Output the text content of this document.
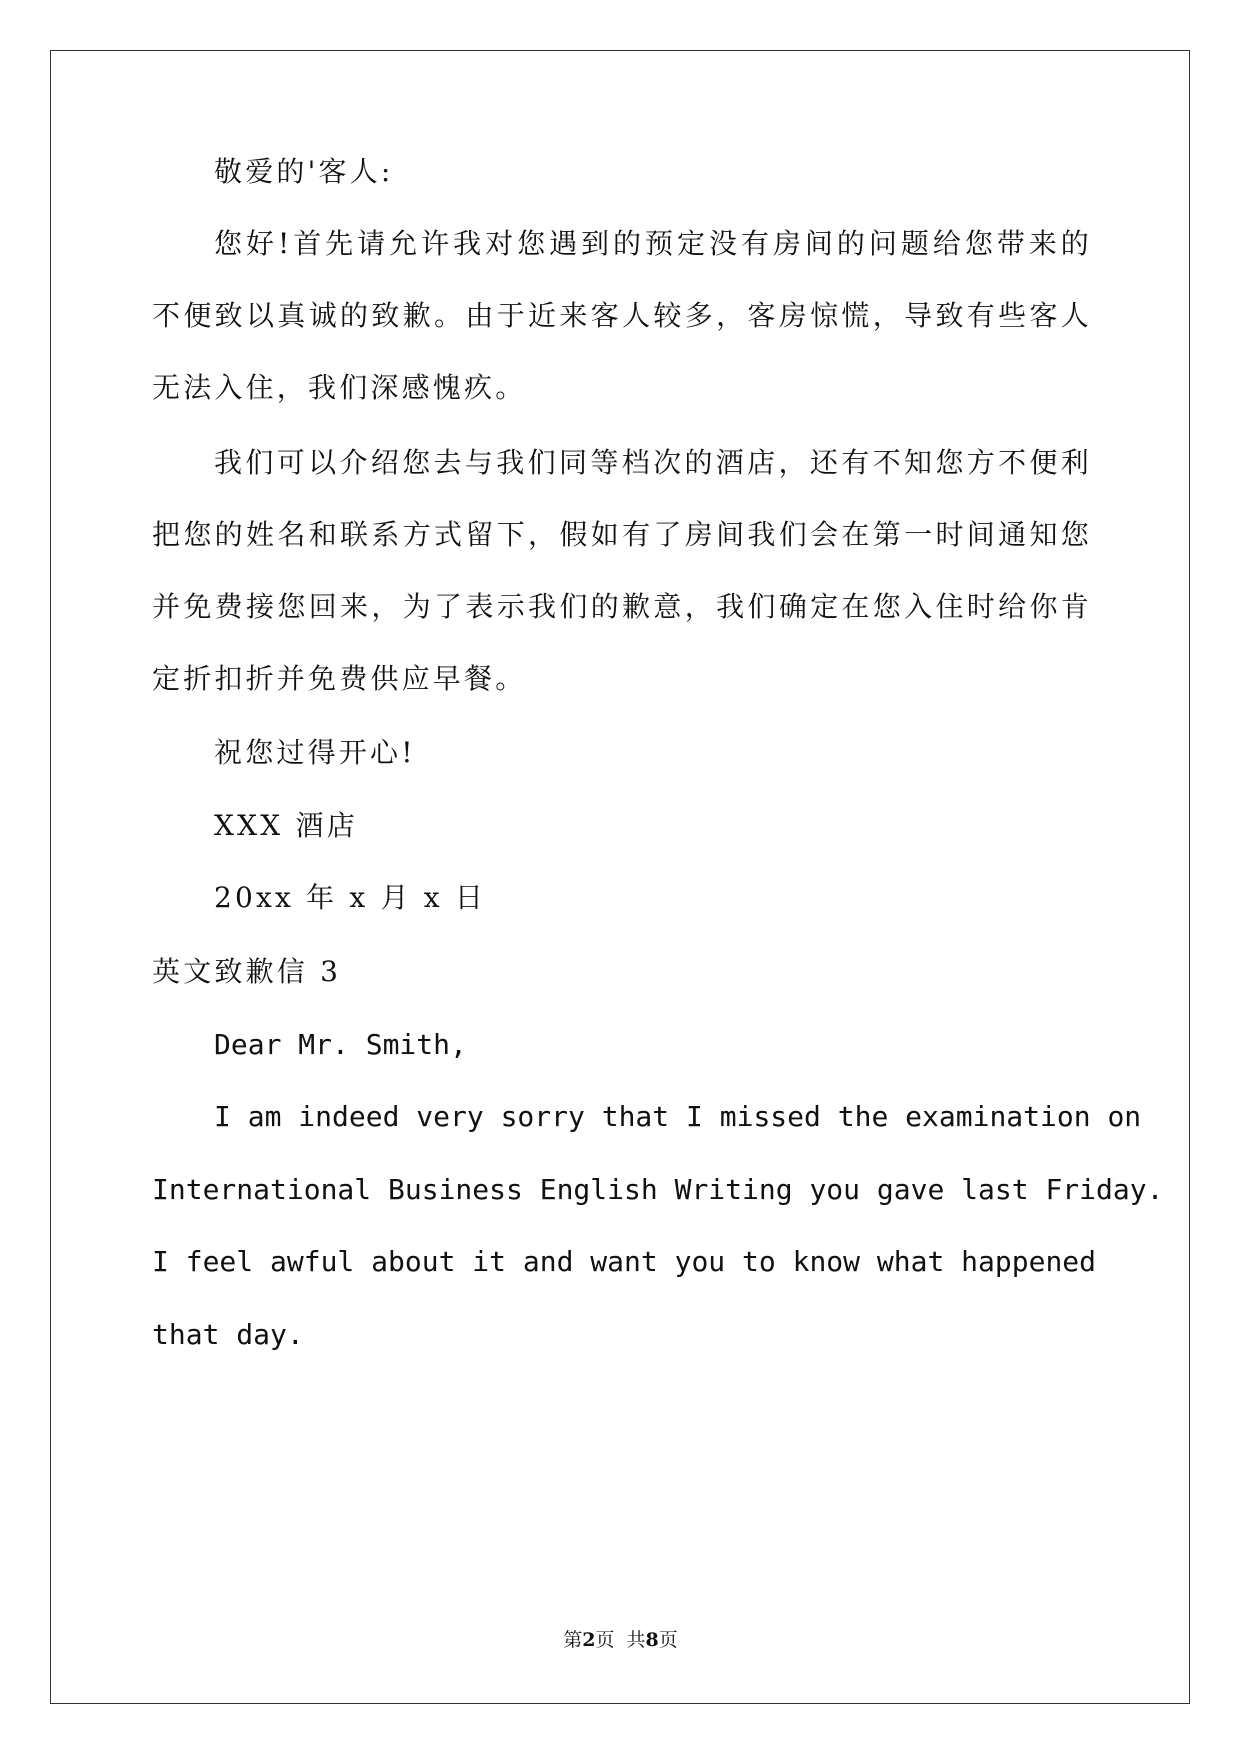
敬爱的'客人:
您好!首先请允许我对您遇到的预定没有房间的问题给您带来的
不便致以真诚的致歉。由于近来客人较多，客房惊慌，导致有些客人
无法入住，我们深感愧疚。
我们可以介绍您去与我们同等档次的酒店，还有不知您方不便利
把您的姓名和联系方式留下，假如有了房间我们会在第一时间通知您
并免费接您回来，为了表示我们的歉意，我们确定在您入住时给你肯
定折扣折并免费供应早餐。
祝您过得开心!
XXX 酒店
20xx 年 x 月 x 日
英文致歉信 3
Dear Mr. Smith,
I am indeed very sorry that I missed the examination on
International Business English Writing you gave last Friday.
I feel awful about it and want you to know what happened
that day.
第2页  共8页
